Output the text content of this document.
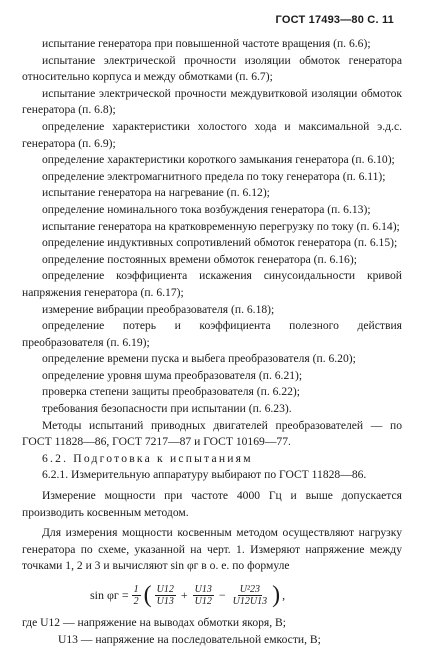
ГОСТ 17493—80 С. 11

испытание генератора при повышенной частоте вращения (п. 6.6);

испытание электрической прочности изоляции обмоток генератора относительно корпуса и между обмотками (п. 6.7);

испытание электрической прочности междувитковой изоляции обмоток генератора (п. 6.8);

определение характеристики холостого хода и максимальной э.д.с. генератора (п. 6.9);

определение характеристики короткого замыкания генератора (п. 6.10);

определение электромагнитного предела по току генератора (п. 6.11);

испытание генератора на нагревание (п. 6.12);

определение номинального тока возбуждения генератора (п. 6.13);

испытание генератора на кратковременную перегрузку по току (п. 6.14);

определение индуктивных сопротивлений обмоток генератора (п. 6.15);

определение постоянных времени обмоток генератора (п. 6.16);

определение коэффициента искажения синусоидальности кривой напряжения генератора (п. 6.17);

измерение вибрации преобразователя (п. 6.18);

определение потерь и коэффициента полезного действия преобразователя (п. 6.19);

определение времени пуска и выбега преобразователя (п. 6.20);

определение уровня шума преобразователя (п. 6.21);

проверка степени защиты преобразователя (п. 6.22);

требования безопасности при испытании (п. 6.23).

Методы испытаний приводных двигателей преобразователей — по ГОСТ 11828—86, ГОСТ 7217—87 и ГОСТ 10169—77.

6.2. Подготовка к испытаниям

6.2.1. Измерительную аппаратуру выбирают по ГОСТ 11828—86.

Измерение мощности при частоте 4000 Гц и выше допускается производить косвенным методом.

Для измерения мощности косвенным методом осуществляют нагрузку генератора по схеме, указанной на черт. 1. Измеряют напряжение между точками 1, 2 и 3 и вычисляют sin φг в о. е. по формуле

$\sin \varphi г = \frac{1}{2}$ ( $\frac{U12}{U13} + \frac{U13}{U12} - \frac{\text{U²23}}{U12U13}$ ) ,

где U12 — напряжение на выводах обмотки якоря, В;

U13 — напряжение на последовательной емкости, В;
